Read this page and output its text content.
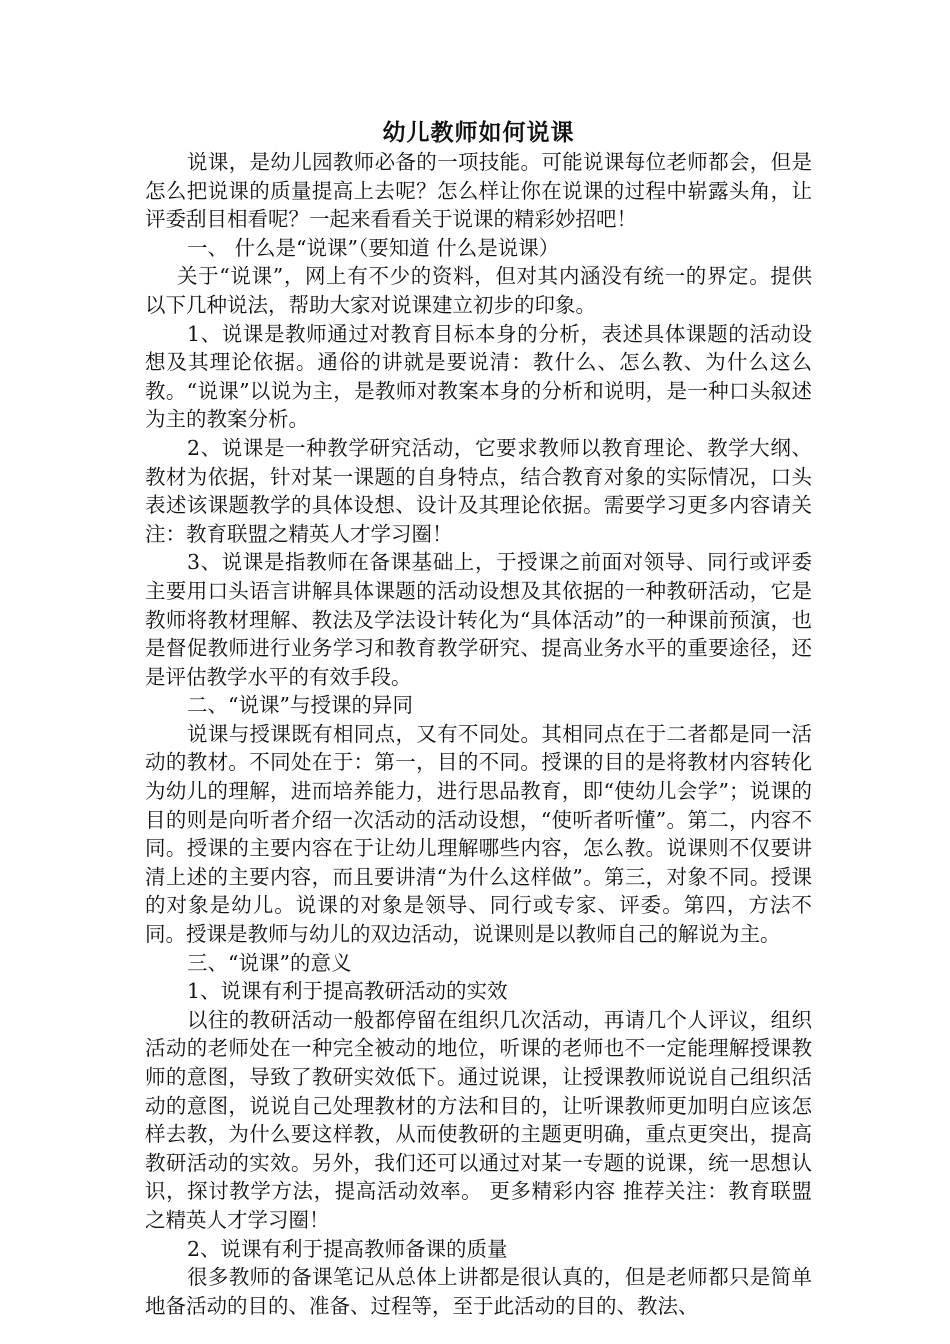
幼儿教师如何说课

说课，是幼儿园教师必备的一项技能。可能说课每位老师都会，但是怎么把说课的质量提高上去呢？怎么样让你在说课的过程中崭露头角，让评委刮目相看呢？一起来看看关于说课的精彩妙招吧！

一、 什么是“说课”（要知道 什么是说课）

关于“说课”，网上有不少的资料，但对其内涵没有统一的界定。提供以下几种说法，帮助大家对说课建立初步的印象。

1、说课是教师通过对教育目标本身的分析，表述具体课题的活动设想及其理论依据。通俗的讲就是要说清：教什么、怎么教、为什么这么教。“说课”以说为主，是教师对教案本身的分析和说明，是一种口头叙述为主的教案分析。

2、说课是一种教学研究活动，它要求教师以教育理论、教学大纲、教材为依据，针对某一课题的自身特点，结合教育对象的实际情况，口头表述该课题教学的具体设想、设计及其理论依据。需要学习更多内容请关注：教育联盟之精英人才学习圈！

3、说课是指教师在备课基础上，于授课之前面对领导、同行或评委主要用口头语言讲解具体课题的活动设想及其依据的一种教研活动，它是教师将教材理解、教法及学法设计转化为“具体活动”的一种课前预演，也是督促教师进行业务学习和教育教学研究、提高业务水平的重要途径，还是评估教学水平的有效手段。

二、“说课”与授课的异同

说课与授课既有相同点，又有不同处。其相同点在于二者都是同一活动的教材。不同处在于：第一，目的不同。授课的目的是将教材内容转化为幼儿的理解，进而培养能力，进行思品教育，即“使幼儿会学”；说课的目的则是向听者介绍一次活动的活动设想，“使听者听懂”。第二，内容不同。授课的主要内容在于让幼儿理解哪些内容，怎么教。说课则不仅要讲清上述的主要内容，而且要讲清“为什么这样做”。第三，对象不同。授课的对象是幼儿。说课的对象是领导、同行或专家、评委。第四，方法不同。授课是教师与幼儿的双边活动，说课则是以教师自己的解说为主。

三、“说课”的意义

1、说课有利于提高教研活动的实效

以往的教研活动一般都停留在组织几次活动，再请几个人评议，组织活动的老师处在一种完全被动的地位，听课的老师也不一定能理解授课教师的意图，导致了教研实效低下。通过说课，让授课教师说说自己组织活动的意图，说说自己处理教材的方法和目的，让听课教师更加明白应该怎样去教，为什么要这样教，从而使教研的主题更明确，重点更突出，提高教研活动的实效。另外，我们还可以通过对某一专题的说课，统一思想认识，探讨教学方法，提高活动效率。 更多精彩内容 推荐关注：教育联盟之精英人才学习圈！

2、说课有利于提高教师备课的质量

很多教师的备课笔记从总体上讲都是很认真的，但是老师都只是简单地备活动的目的、准备、过程等，至于此活动的目的、教法、
